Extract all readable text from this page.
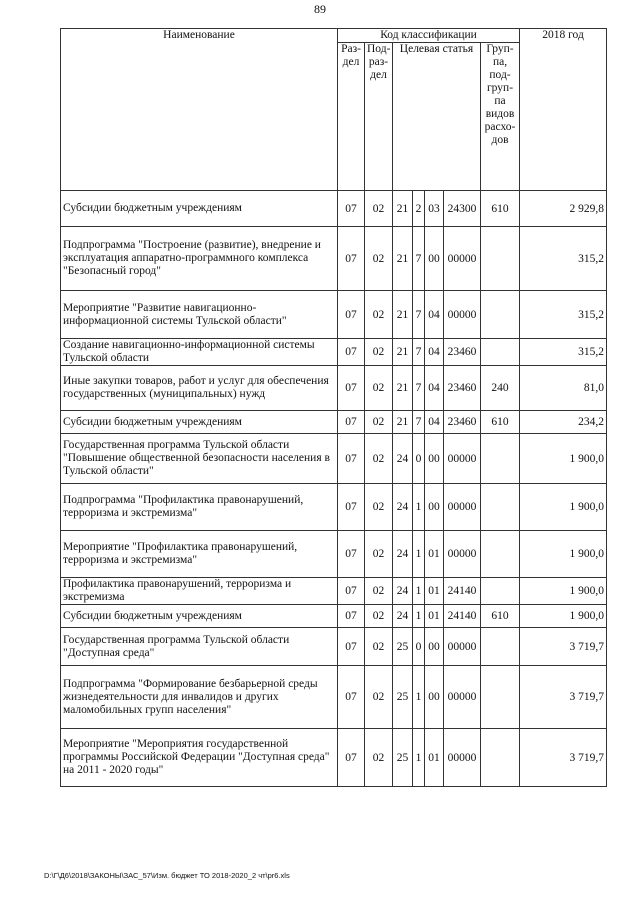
89
Наименование	Код классификации							2018 год
	Раз-дел	Под-раз-дел	Целевая статья				Груп-па, под-груп-па видов расхо-дов	
Субсидии бюджетным учреждениям	07	02	21	2	03	24300	610	2 929,8
Подпрограмма "Построение (развитие), внедрение и эксплуатация аппаратно-программного комплекса "Безопасный город"	07	02	21	7	00	00000		315,2
Мероприятие "Развитие навигационно-информационной системы Тульской области"	07	02	21	7	04	00000		315,2
Создание навигационно-информационной системы Тульской области	07	02	21	7	04	23460		315,2
Иные закупки товаров, работ и услуг для обеспечения государственных (муниципальных) нужд	07	02	21	7	04	23460	240	81,0
Субсидии бюджетным учреждениям	07	02	21	7	04	23460	610	234,2
Государственная программа Тульской области "Повышение общественной безопасности населения в Тульской области"	07	02	24	0	00	00000		1 900,0
Подпрограмма "Профилактика правонарушений, терроризма и экстремизма"	07	02	24	1	00	00000		1 900,0
Мероприятие "Профилактика правонарушений, терроризма и экстремизма"	07	02	24	1	01	00000		1 900,0
Профилактика правонарушений, терроризма и экстремизма	07	02	24	1	01	24140		1 900,0
Субсидии бюджетным учреждениям	07	02	24	1	01	24140	610	1 900,0
Государственная программа Тульской области "Доступная среда"	07	02	25	0	00	00000		3 719,7
Подпрограмма "Формирование безбарьерной среды жизнедеятельности для инвалидов и других маломобильных групп населения"	07	02	25	1	00	00000		3 719,7
Мероприятие "Мероприятия государственной программы Российской Федерации "Доступная среда" на 2011 - 2020 годы"	07	02	25	1	01	00000		3 719,7
D:\Г\Д6\2018\ЗАКОНЫ\ЗАС_57\Изм. бюджет ТО 2018-2020_2 чт\pr6.xls
